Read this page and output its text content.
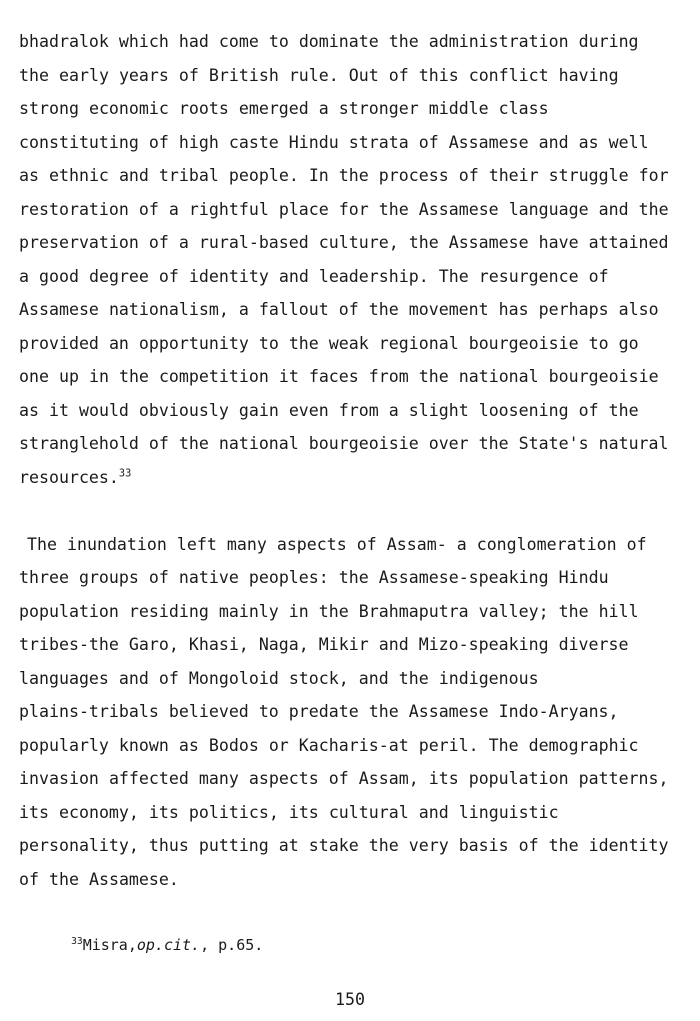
bhadralok which had come to dominate the administration during
the early years of British rule. Out of this conflict having
strong economic roots emerged a stronger middle class
constituting of high caste Hindu strata of Assamese and as well
as ethnic and tribal people. In the process of their struggle for
restoration of a rightful place for the Assamese language and the
preservation of a rural-based culture, the Assamese have attained
a good degree of identity and leadership. The resurgence of
Assamese nationalism, a fallout of the movement has perhaps also
provided an opportunity to the weak regional bourgeoisie to go
one up in the competition it faces from the national bourgeoisie
as it would obviously gain even from a slight loosening of the
stranglehold of the national bourgeoisie over the State's natural
resources.$^{33}$
The inundation left many aspects of Assam- a conglomeration of
three groups of native peoples: the Assamese-speaking Hindu
population residing mainly in the Brahmaputra valley; the hill
tribes-the Garo, Khasi, Naga, Mikir and Mizo-speaking diverse
languages and of Mongoloid stock, and the indigenous
plains-tribals believed to predate the Assamese Indo-Aryans,
popularly known as Bodos or Kacharis-at peril. The demographic
invasion affected many aspects of Assam, its population patterns,
its economy, its politics, its cultural and linguistic
personality, thus putting at stake the very basis of the identity
of the Assamese.

$^{33}$Misra,op.cit., p.65.

150
